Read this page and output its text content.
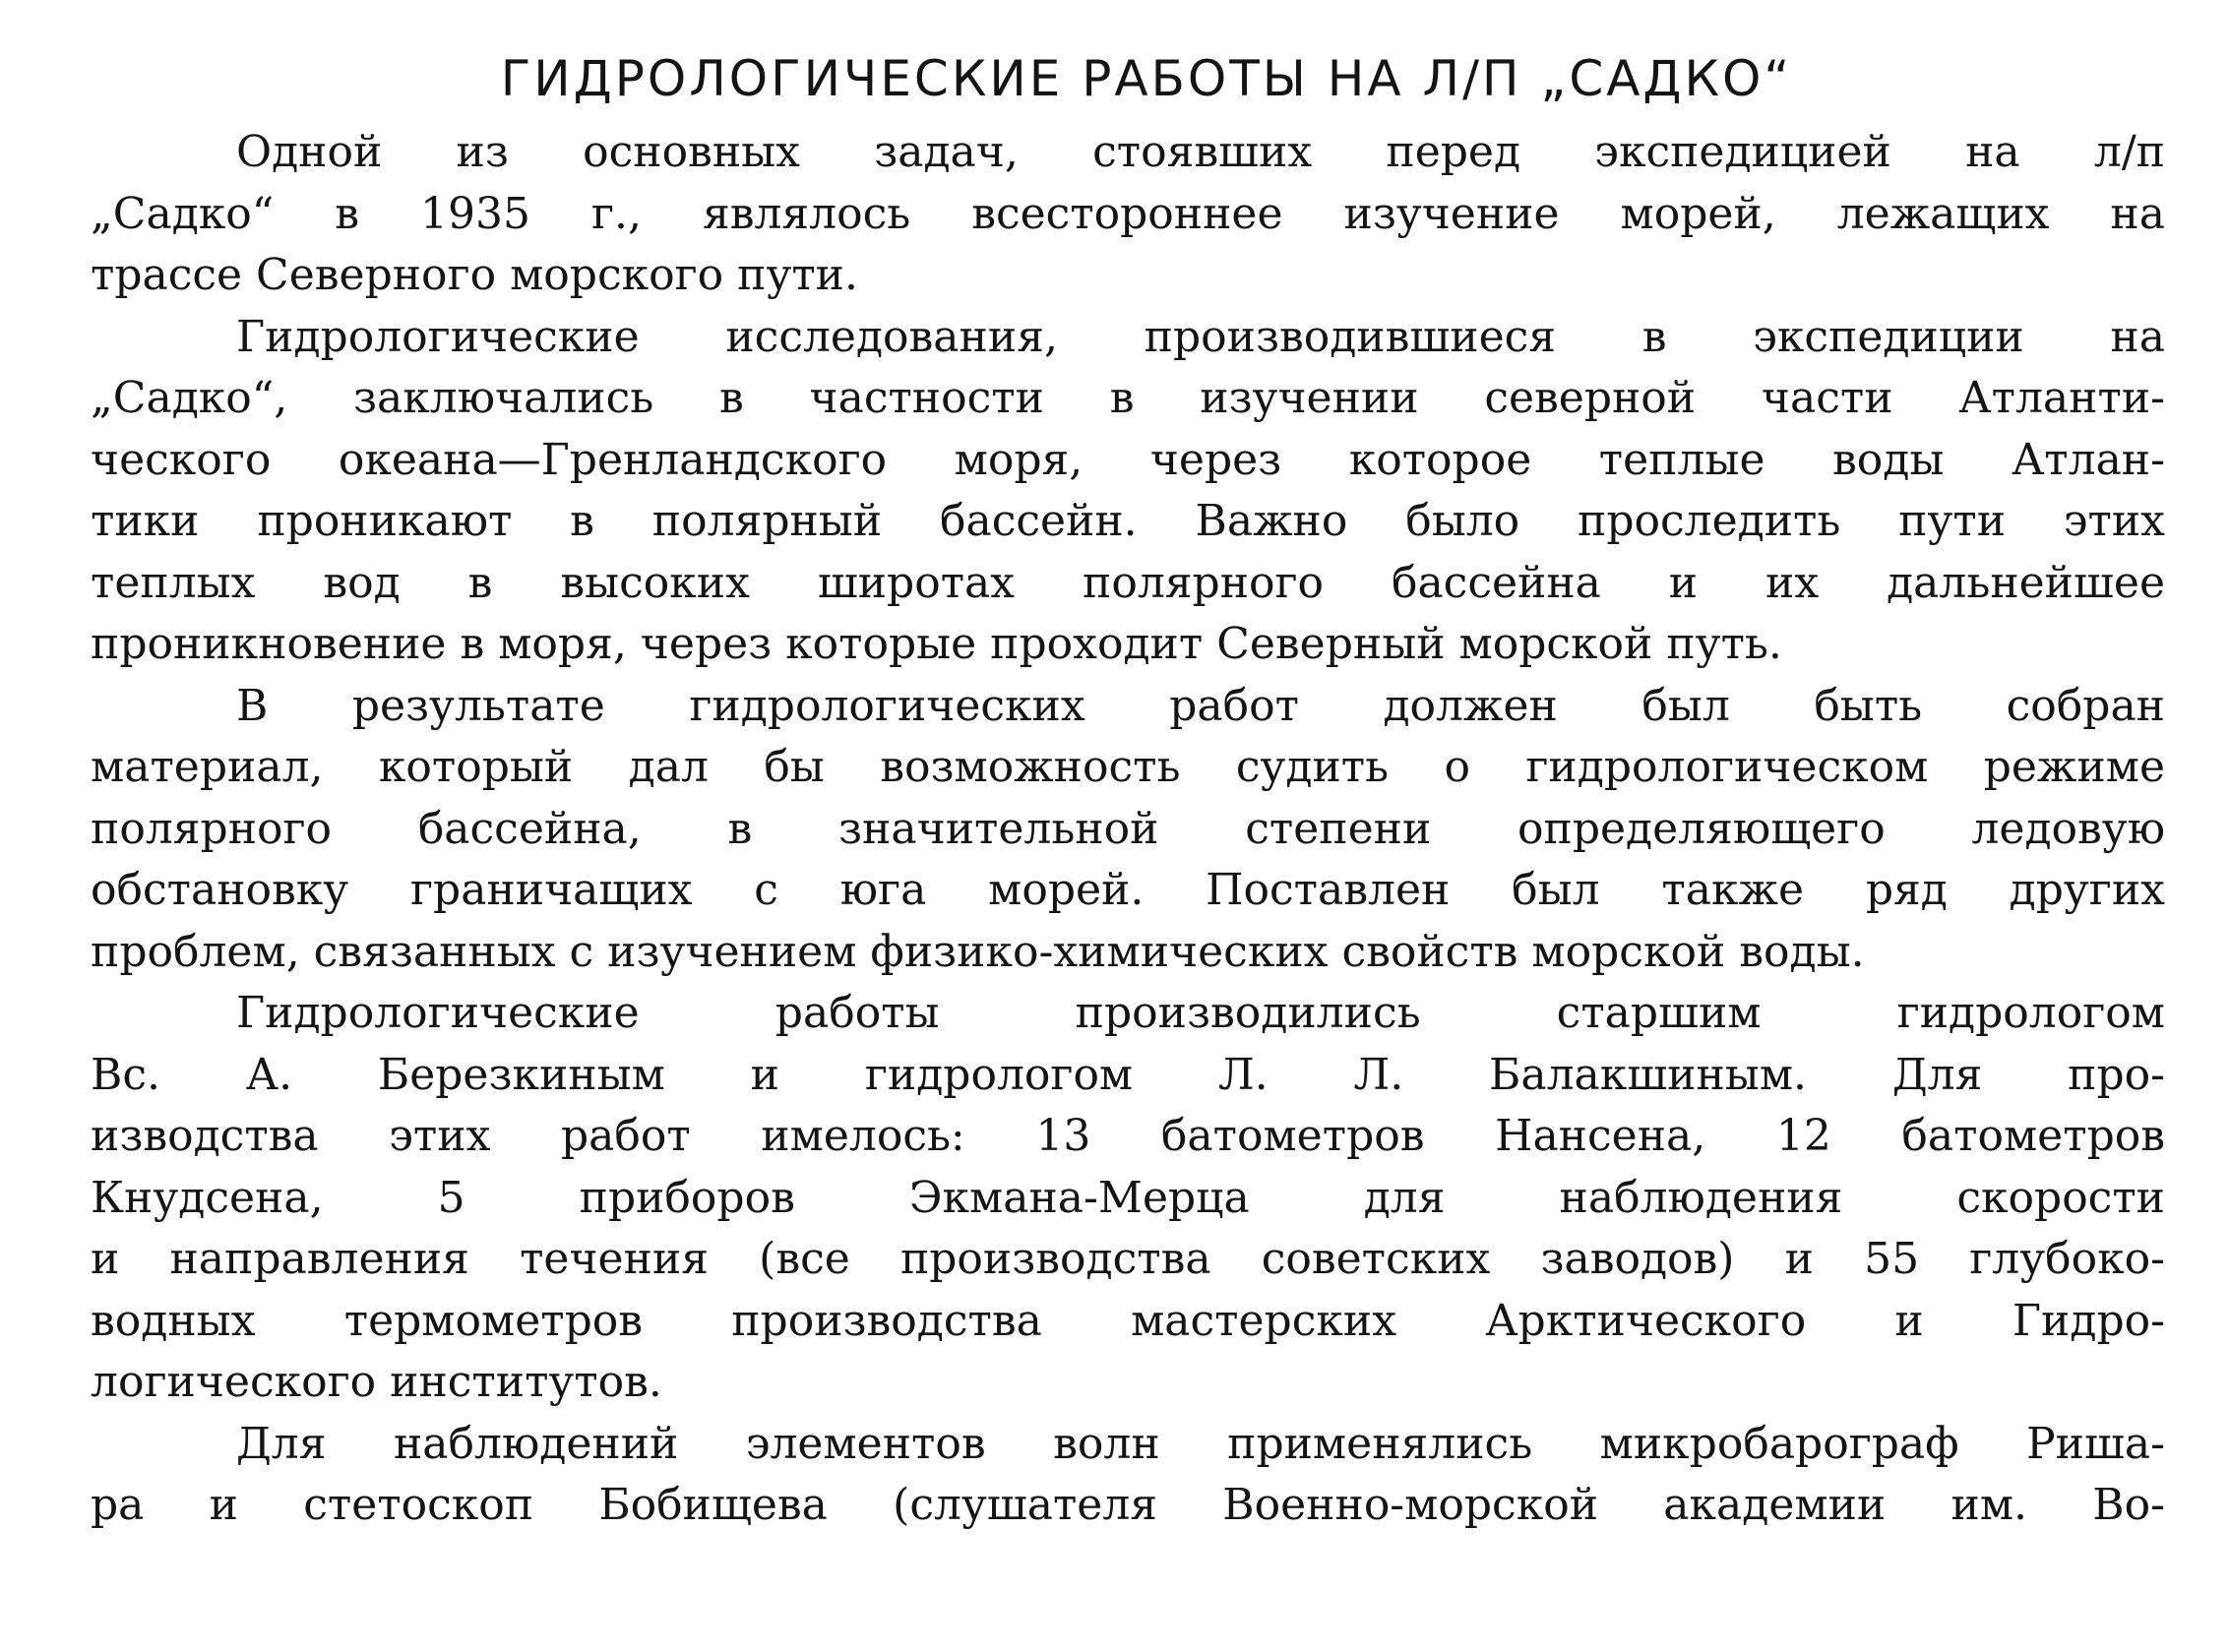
ГИДРОЛОГИЧЕСКИЕ РАБОТЫ НА Л/П „САДКО“

Одной из основных задач, стоявших перед экспедицией на л/п
„Садко“ в 1935 г., являлось всестороннее изучение морей, лежащих на
трассе Северного морского пути.

Гидрологические исследования, производившиеся в экспедиции на
„Садко“, заключались в частности в изучении северной части Атланти-
ческого океана—Гренландского моря, через которое теплые воды Атлан-
тики проникают в полярный бассейн. Важно было проследить пути этих
теплых вод в высоких широтах полярного бассейна и их дальнейшее
проникновение в моря, через которые проходит Северный морской путь.

В результате гидрологических работ должен был быть собран
материал, который дал бы возможность судить о гидрологическом режиме
полярного бассейна, в значительной степени определяющего ледовую
обстановку граничащих с юга морей. Поставлен был также ряд других
проблем, связанных с изучением физико-химических свойств морской воды.

Гидрологические работы производились старшим гидрологом
Вс. А. Березкиным и гидрологом Л. Л. Балакшиным. Для про-
изводства этих работ имелось: 13 батометров Нансена, 12 батометров
Кнудсена, 5 приборов Экмана-Мерца для наблюдения скорости
и направления течения (все производства советских заводов) и 55 глубоко-
водных термометров производства мастерских Арктического и Гидро-
логического институтов.

Для наблюдений элементов волн применялись микробарограф Ришa-
ра и стетоскоп Бобищева (слушателя Военно-морской академии им. Во-
